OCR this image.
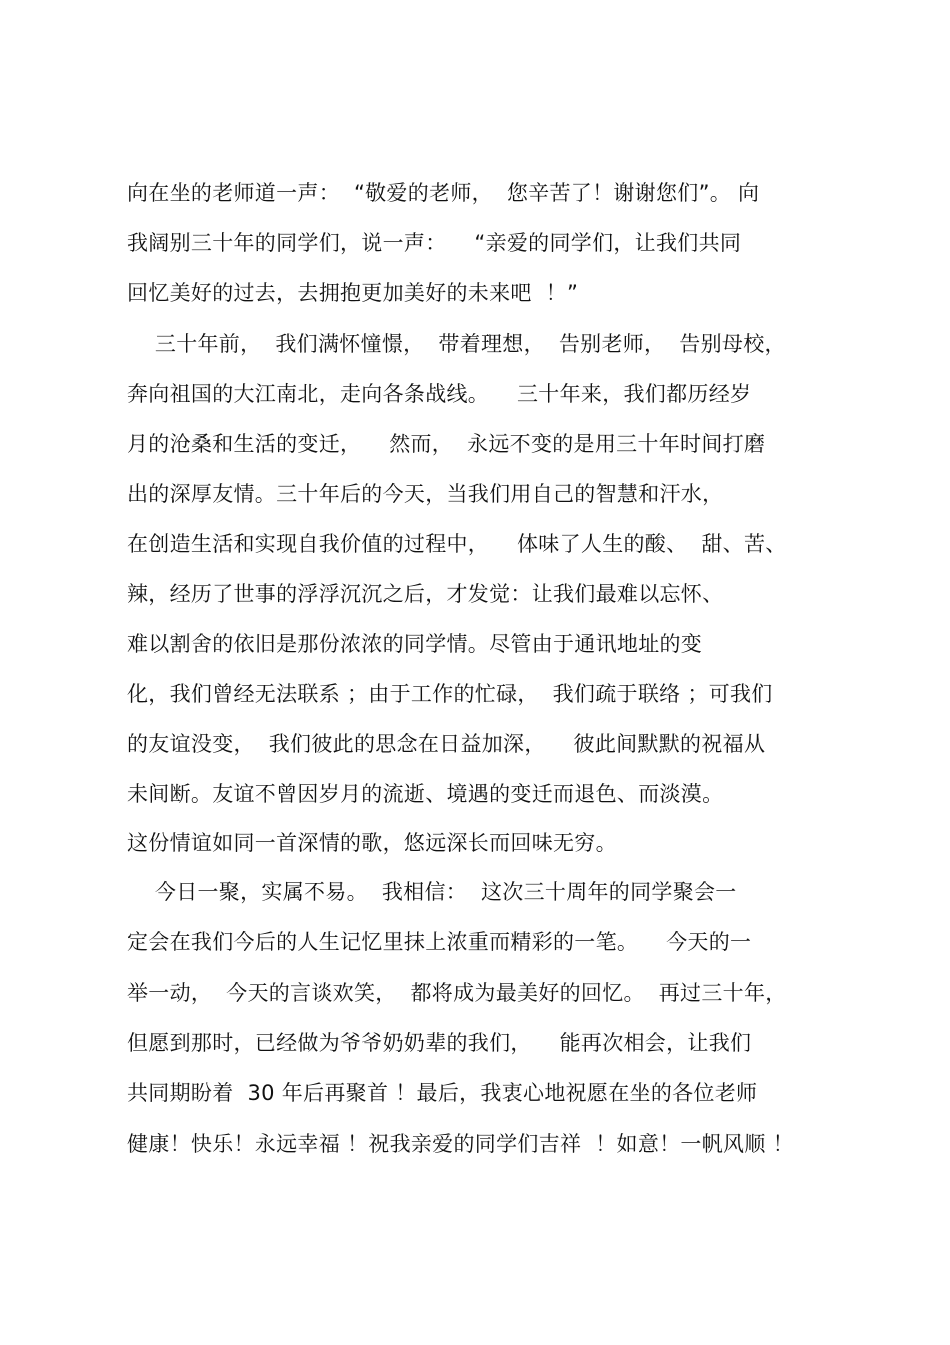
向在坐的老师道一声：  “敬爱的老师，  您辛苦了！谢谢您们”。 向
我阔别三十年的同学们，说一声：    “亲爱的同学们，让我们共同
回忆美好的过去，去拥抱更加美好的未来吧  ！”
三十年前，  我们满怀憧憬，  带着理想，  告别老师，  告别母校，
奔向祖国的大江南北，走向各条战线。    三十年来，我们都历经岁
月的沧桑和生活的变迁，    然而，  永远不变的是用三十年时间打磨
出的深厚友情。三十年后的今天，当我们用自己的智慧和汗水，
在创造生活和实现自我价值的过程中，    体味了人生的酸、  甜、苦、
辣，经历了世事的浮浮沉沉之后，才发觉：让我们最难以忘怀、
难以割舍的依旧是那份浓浓的同学情。尽管由于通讯地址的变
化，我们曾经无法联系 ；由于工作的忙碌，  我们疏于联络 ；可我们
的友谊没变，  我们彼此的思念在日益加深，    彼此间默默的祝福从
未间断。友谊不曾因岁月的流逝、境遇的变迁而退色、而淡漠。
这份情谊如同一首深情的歌，悠远深长而回味无穷。
今日一聚，实属不易。  我相信：  这次三十周年的同学聚会一
定会在我们今后的人生记忆里抹上浓重而精彩的一笔。    今天的一
举一动，  今天的言谈欢笑，  都将成为最美好的回忆。  再过三十年，
但愿到那时，已经做为爷爷奶奶辈的我们，    能再次相会，让我们
共同期盼着  30 年后再聚首 ！最后，我衷心地祝愿在坐的各位老师
健康！快乐！永远幸福 ！祝我亲爱的同学们吉祥  ！如意！一帆风顺 ！
